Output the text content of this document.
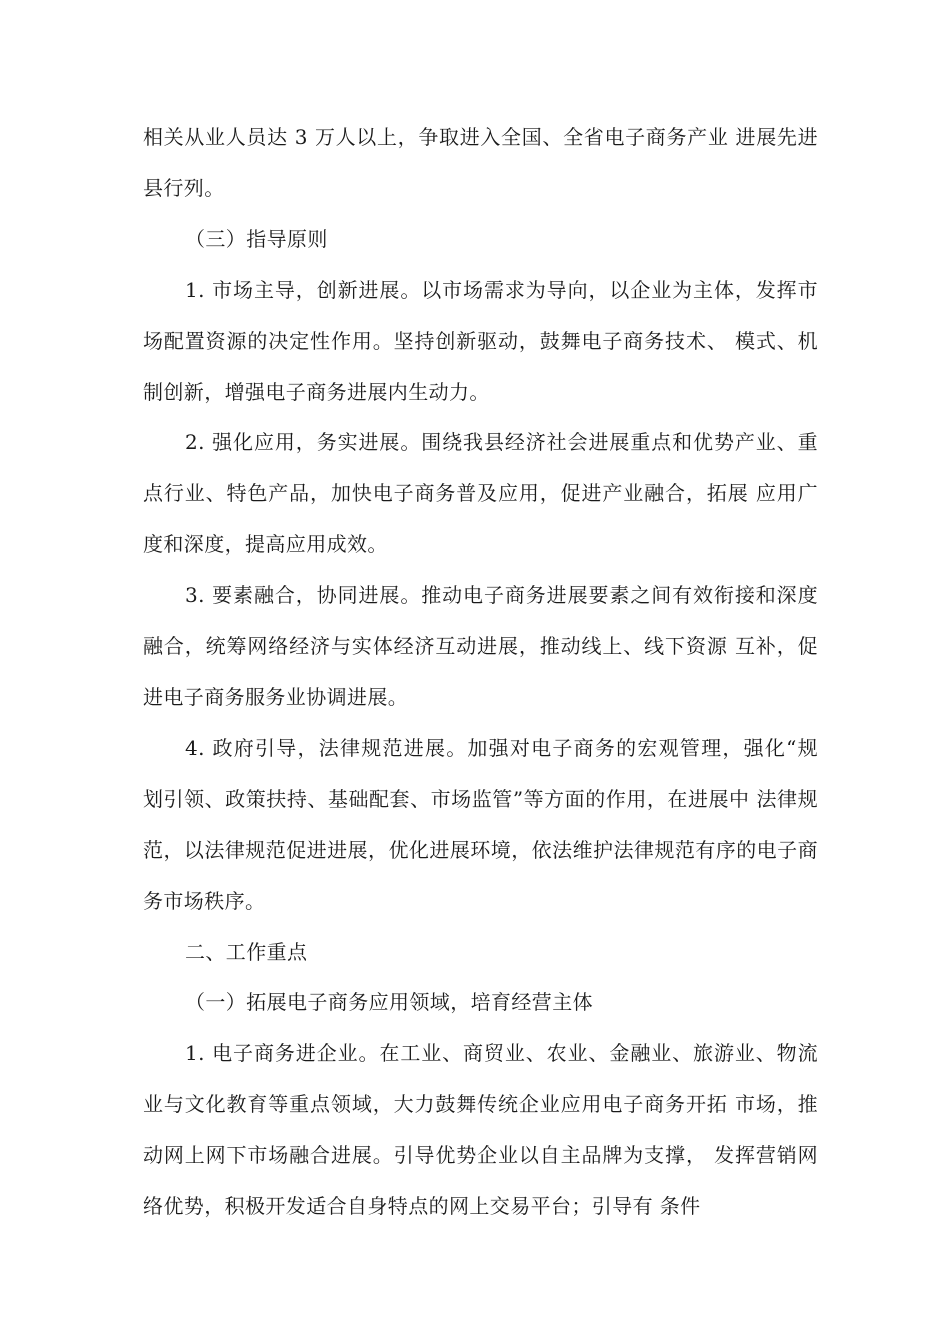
相关从业人员达 3 万人以上，争取进入全国、全省电子商务产业 进展先进县行列。

（三）指导原则

1. 市场主导，创新进展。以市场需求为导向，以企业为主体，发挥市场配置资源的决定性作用。坚持创新驱动，鼓舞电子商务技术、 模式、机制创新，增强电子商务进展内生动力。

2. 强化应用，务实进展。围绕我县经济社会进展重点和优势产业、重点行业、特色产品，加快电子商务普及应用，促进产业融合，拓展 应用广度和深度，提高应用成效。

3. 要素融合，协同进展。推动电子商务进展要素之间有效衔接和深度融合，统筹网络经济与实体经济互动进展，推动线上、线下资源 互补，促进电子商务服务业协调进展。

4. 政府引导，法律规范进展。加强对电子商务的宏观管理，强化“规 划引领、政策扶持、基础配套、市场监管”等方面的作用，在进展中 法律规范，以法律规范促进进展，优化进展环境，依法维护法律规范有序的电子商 务市场秩序。

二、工作重点

（一）拓展电子商务应用领域，培育经营主体

1. 电子商务进企业。在工业、商贸业、农业、金融业、旅游业、物流业与文化教育等重点领域，大力鼓舞传统企业应用电子商务开拓 市场，推动网上网下市场融合进展。引导优势企业以自主品牌为支撑， 发挥营销网络优势，积极开发适合自身特点的网上交易平台；引导有 条件
